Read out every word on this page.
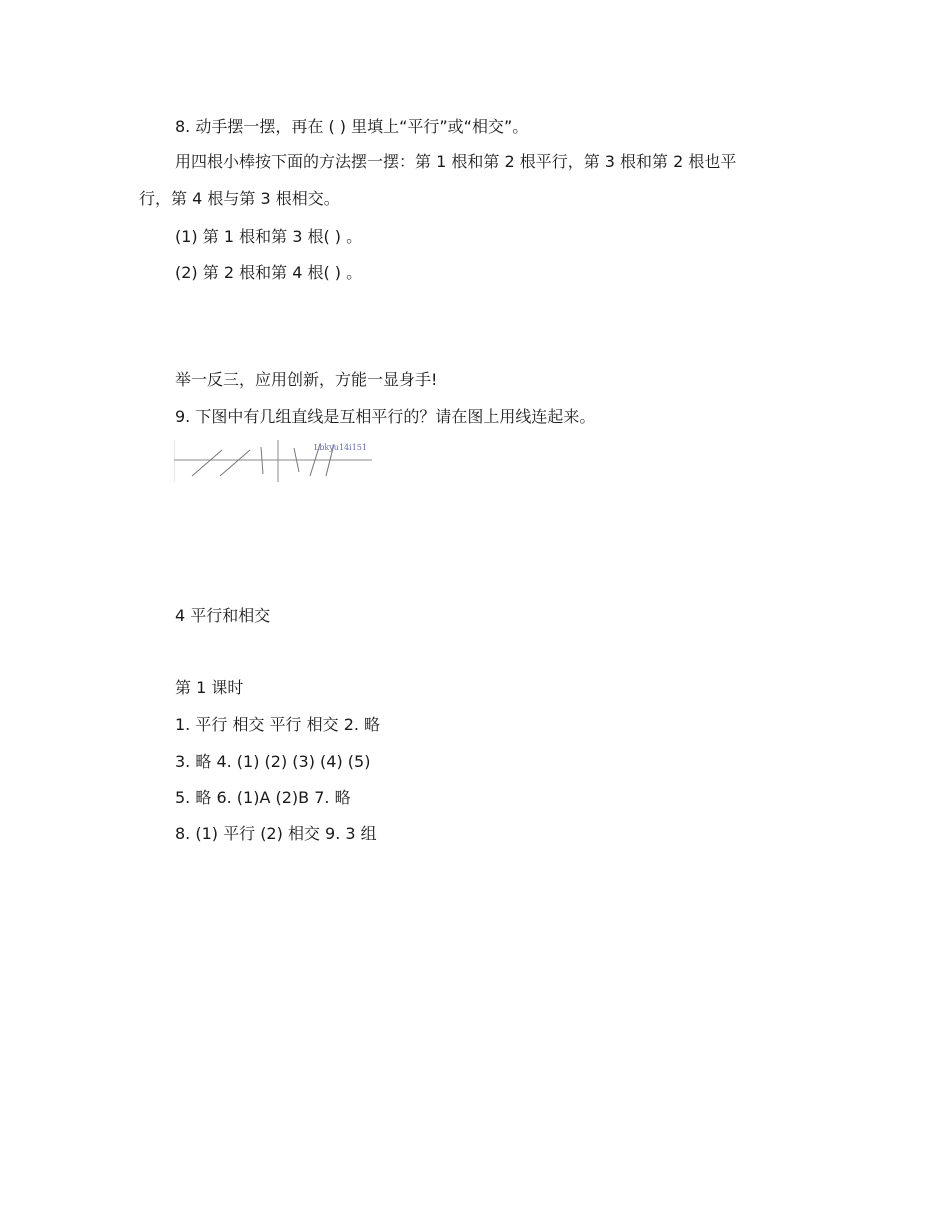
8. 动手摆一摆，再在 ( ) 里填上“平行”或“相交”。
用四根小棒按下面的方法摆一摆：第 1 根和第 2 根平行，第 3 根和第 2 根也平
行，第 4 根与第 3 根相交。
(1) 第 1 根和第 3 根( ) 。
(2) 第 2 根和第 4 根( ) 。
举一反三，应用创新，方能一显身手!
9. 下图中有几组直线是互相平行的？请在图上用线连起来。
Lbkyu14i151
4 平行和相交
第 1 课时
1. 平行 相交 平行 相交 2. 略
3. 略 4. (1) (2) (3) (4) (5)
5. 略 6. (1)A (2)B 7. 略
8. (1) 平行 (2) 相交 9. 3 组
